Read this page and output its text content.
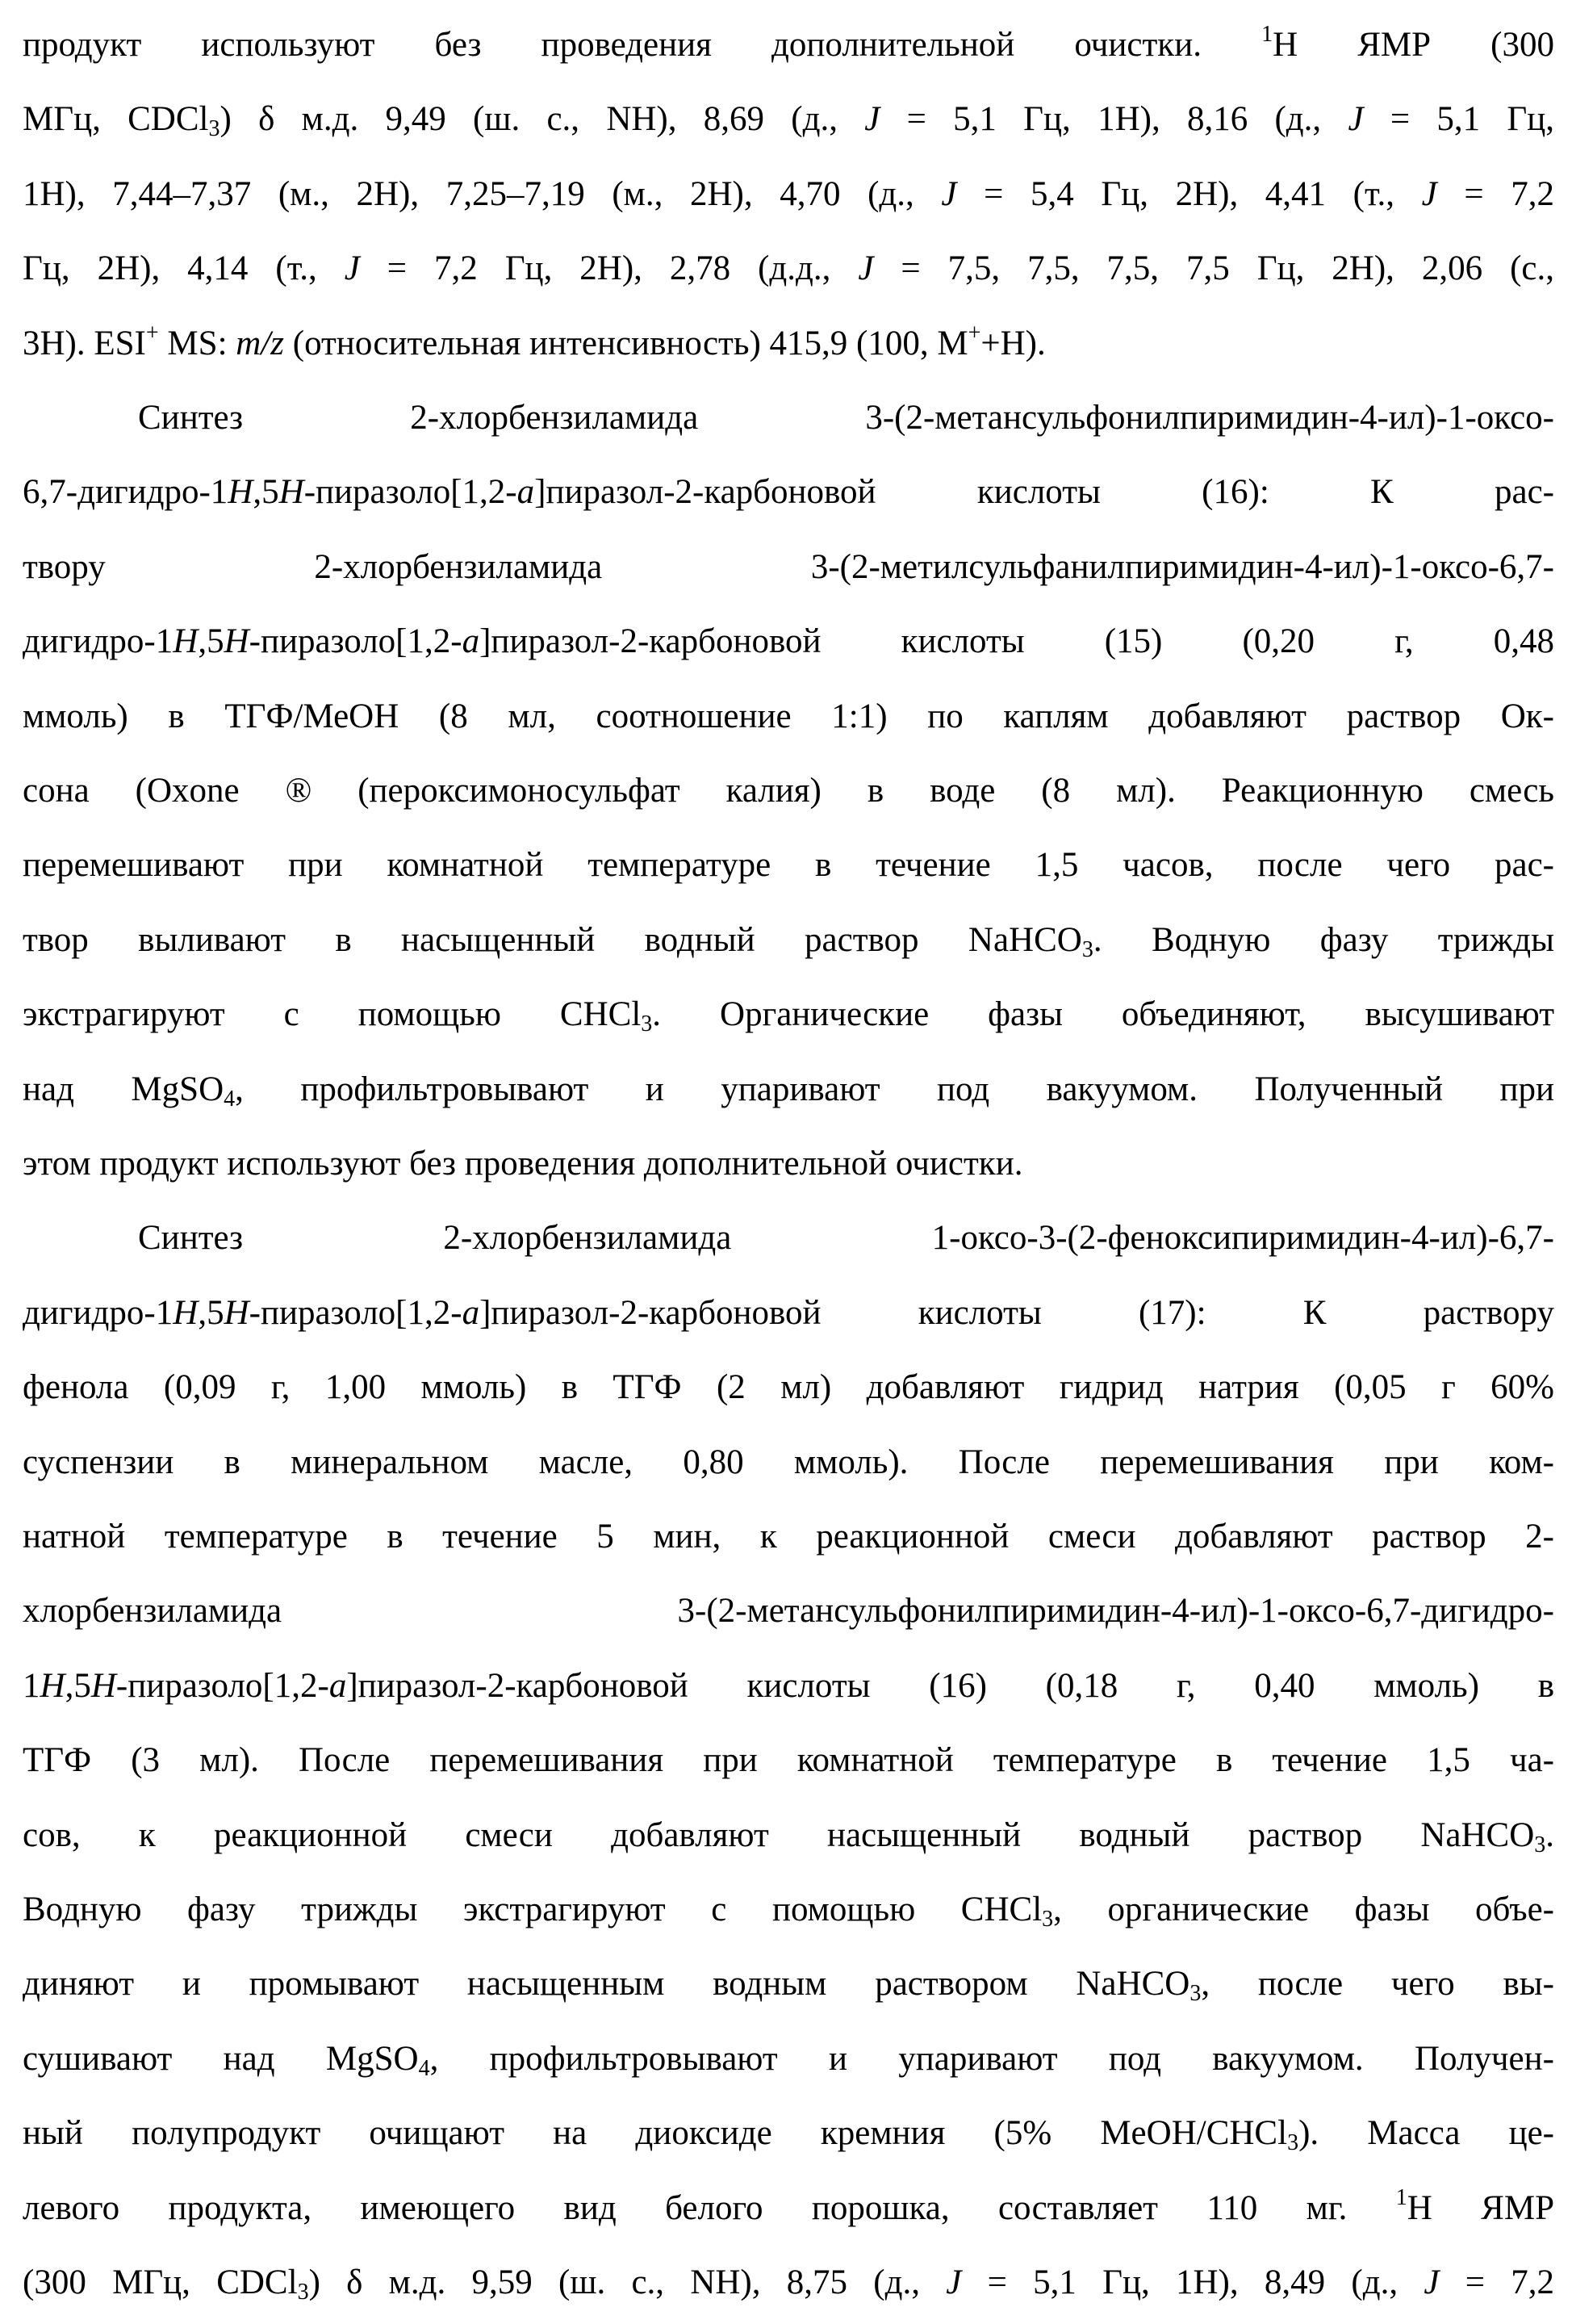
продукт используют без проведения дополнительной очистки. 1Н ЯМР (300
МГц, CDCl3) δ м.д. 9,49 (ш. с., NH), 8,69 (д., J = 5,1 Гц, 1Н), 8,16 (д., J = 5,1 Гц,
1Н), 7,44–7,37 (м., 2Н), 7,25–7,19 (м., 2Н), 4,70 (д., J = 5,4 Гц, 2Н), 4,41 (т., J = 7,2
Гц, 2Н), 4,14 (т., J = 7,2 Гц, 2Н), 2,78 (д.д., J = 7,5, 7,5, 7,5, 7,5 Гц, 2Н), 2,06 (с.,
3Н). ESI+ MS: m/z (относительная интенсивность) 415,9 (100, M++H).
Синтез 2-хлорбензиламида 3-(2-метансульфонилпиримидин-4-ил)-1-оксо-
6,7-дигидро-1H,5H-пиразоло[1,2-a]пиразол-2-карбоновой кислоты (16): К рас-
твору 2-хлорбензиламида 3-(2-метилсульфанилпиримидин-4-ил)-1-оксо-6,7-
дигидро-1H,5H-пиразоло[1,2-a]пиразол-2-карбоновой кислоты (15) (0,20 г, 0,48
ммоль) в ТГФ/МеОН (8 мл, соотношение 1:1) по каплям добавляют раствор Ок-
сона (Oxone ® (пероксимоносульфат калия) в воде (8 мл). Реакционную смесь
перемешивают при комнатной температуре в течение 1,5 часов, после чего рас-
твор выливают в насыщенный водный раствор NaHCO3. Водную фазу трижды
экстрагируют с помощью CHCl3. Органические фазы объединяют, высушивают
над MgSO4, профильтровывают и упаривают под вакуумом. Полученный при
этом продукт используют без проведения дополнительной очистки.
Синтез 2-хлорбензиламида 1-оксо-3-(2-феноксипиримидин-4-ил)-6,7-
дигидро-1H,5H-пиразоло[1,2-a]пиразол-2-карбоновой кислоты (17): К раствору
фенола (0,09 г, 1,00 ммоль) в ТГФ (2 мл) добавляют гидрид натрия (0,05 г 60%
суспензии в минеральном масле, 0,80 ммоль). После перемешивания при ком-
натной температуре в течение 5 мин, к реакционной смеси добавляют раствор 2-
хлорбензиламида 3-(2-метансульфонилпиримидин-4-ил)-1-оксо-6,7-дигидро-
1H,5H-пиразоло[1,2-a]пиразол-2-карбоновой кислоты (16) (0,18 г, 0,40 ммоль) в
ТГФ (3 мл). После перемешивания при комнатной температуре в течение 1,5 ча-
сов, к реакционной смеси добавляют насыщенный водный раствор NaHCO3.
Водную фазу трижды экстрагируют с помощью CHCl3, органические фазы объе-
диняют и промывают насыщенным водным раствором NaHCO3, после чего вы-
сушивают над MgSO4, профильтровывают и упаривают под вакуумом. Получен-
ный полупродукт очищают на диоксиде кремния (5% MeOH/CHCl3). Масса це-
левого продукта, имеющего вид белого порошка, составляет 110 мг. 1Н ЯМР
(300 МГц, CDCl3) δ м.д. 9,59 (ш. с., NH), 8,75 (д., J = 5,1 Гц, 1Н), 8,49 (д., J = 7,2
